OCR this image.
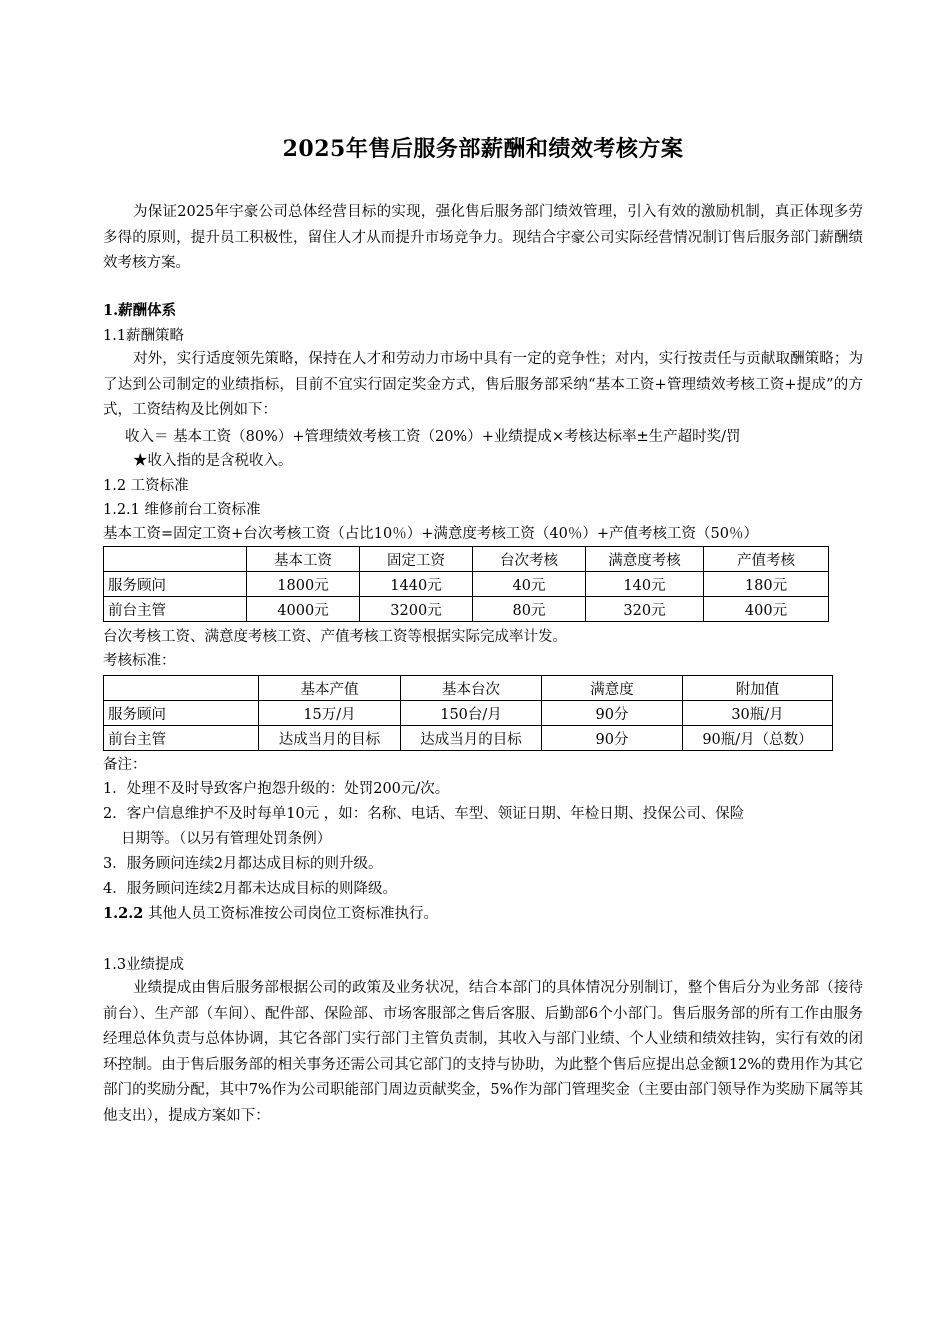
2025年售后服务部薪酬和绩效考核方案
为保证2025年宇豪公司总体经营目标的实现，强化售后服务部门绩效管理，引入有效的激励机制，真正体现多劳多得的原则，提升员工积极性，留住人才从而提升市场竞争力。现结合宇豪公司实际经营情况制订售后服务部门薪酬绩效考核方案。
1.薪酬体系
1.1薪酬策略
对外，实行适度领先策略，保持在人才和劳动力市场中具有一定的竞争性；对内，实行按责任与贡献取酬策略；为了达到公司制定的业绩指标，目前不宜实行固定奖金方式，售后服务部采纳“基本工资+管理绩效考核工资+提成”的方式，工资结构及比例如下：
收入＝ 基本工资（80%）+管理绩效考核工资（20%）+业绩提成×考核达标率±生产超时奖/罚
★收入指的是含税收入。
1.2 工资标准
1.2.1 维修前台工资标准
基本工资=固定工资+台次考核工资（占比10％）+满意度考核工资（40％）+产值考核工资（50％）
	基本工资	固定工资	台次考核	满意度考核	产值考核
服务顾问	1800元	1440元	40元	140元	180元
前台主管	4000元	3200元	80元	320元	400元
台次考核工资、满意度考核工资、产值考核工资等根据实际完成率计发。
考核标准：
	基本产值	基本台次	满意度	附加值
服务顾问	15万/月	150台/月	90分	30瓶/月
前台主管	达成当月的目标	达成当月的目标	90分	90瓶/月（总数）
备注：
1．处理不及时导致客户抱怨升级的：处罚200元/次。
2．客户信息维护不及时每单10元 ，如：名称、电话、车型、领证日期、年检日期、投保公司、保险
日期等。（以另有管理处罚条例）
3．服务顾问连续2月都达成目标的则升级。
4．服务顾问连续2月都未达成目标的则降级。
1.2.2 其他人员工资标准按公司岗位工资标准执行。
1.3业绩提成
业绩提成由售后服务部根据公司的政策及业务状况，结合本部门的具体情况分别制订，整个售后分为业务部（接待前台）、生产部（车间）、配件部、保险部、市场客服部之售后客服、后勤部6个小部门。售后服务部的所有工作由服务经理总体负责与总体协调，其它各部门实行部门主管负责制，其收入与部门业绩、个人业绩和绩效挂钩，实行有效的闭环控制。由于售后服务部的相关事务还需公司其它部门的支持与协助，为此整个售后应提出总金额12%的费用作为其它部门的奖励分配，其中7%作为公司职能部门周边贡献奖金，5%作为部门管理奖金（主要由部门领导作为奖励下属等其他支出），提成方案如下：
